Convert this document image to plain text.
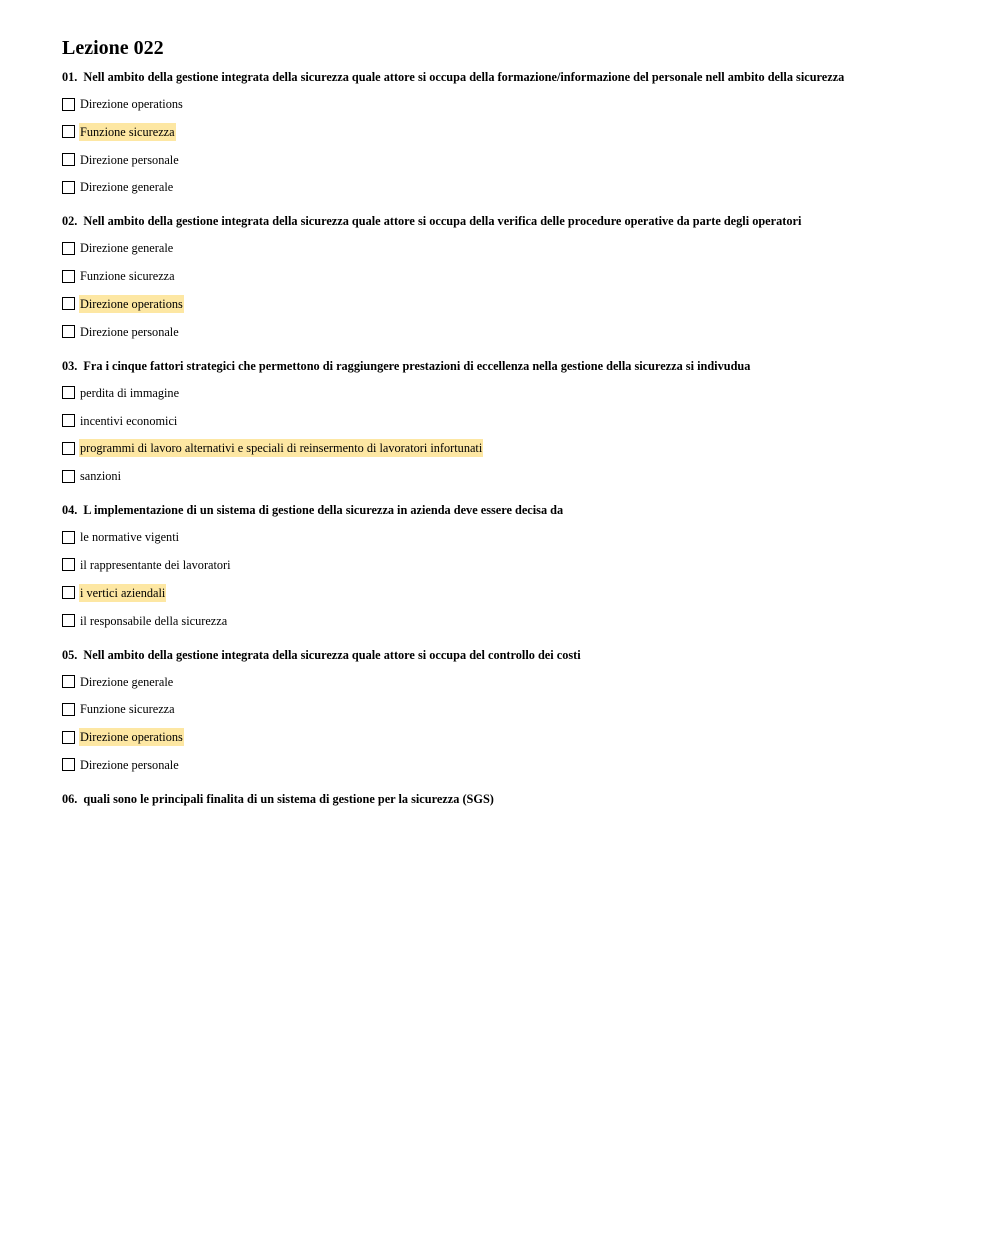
Lezione 022
01. Nell ambito della gestione integrata della sicurezza quale attore si occupa della formazione/informazione del personale nell ambito della sicurezza
Direzione operations
Funzione sicurezza
Direzione personale
Direzione generale
02. Nell ambito della gestione integrata della sicurezza quale attore si occupa della verifica delle procedure operative da parte degli operatori
Direzione generale
Funzione sicurezza
Direzione operations
Direzione personale
03. Fra i cinque fattori strategici che permettono di raggiungere prestazioni di eccellenza nella gestione della sicurezza si indivudua
perdita di immagine
incentivi economici
programmi di lavoro alternativi e speciali di reinsermento di lavoratori infortunati
sanzioni
04. L implementazione di un sistema di gestione della sicurezza in azienda deve essere decisa da
le normative vigenti
il rappresentante dei lavoratori
i vertici aziendali
il responsabile della sicurezza
05. Nell ambito della gestione integrata della sicurezza quale attore si occupa del controllo dei costi
Direzione generale
Funzione sicurezza
Direzione operations
Direzione personale
06. quali sono le principali finalita di un sistema di gestione per la sicurezza (SGS)
